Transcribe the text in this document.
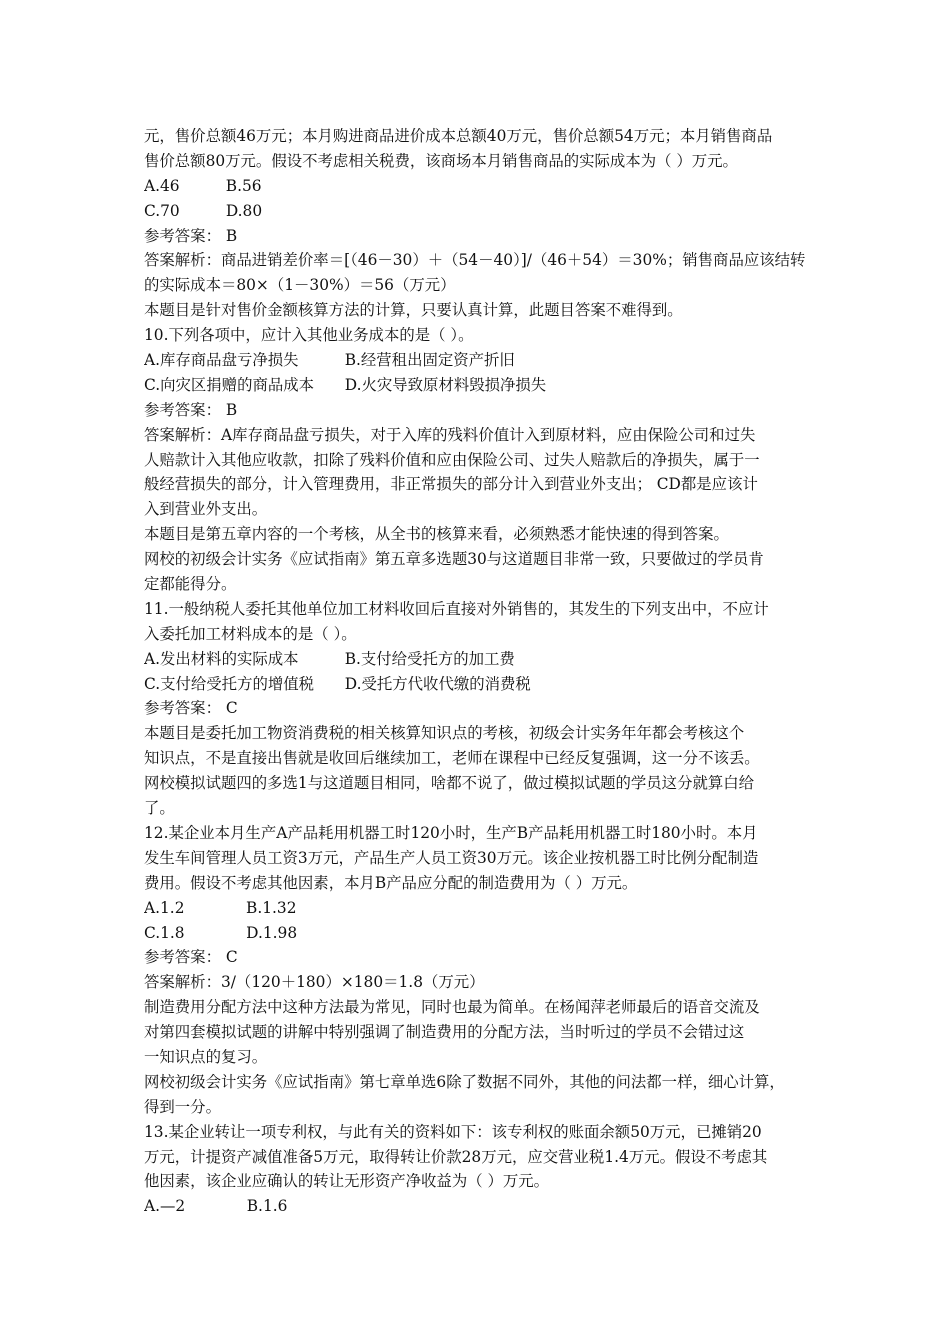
元，售价总额46万元；本月购进商品进价成本总额40万元，售价总额54万元；本月销售商品
售价总额80万元。假设不考虑相关税费，该商场本月销售商品的实际成本为（ ）万元。
A.46　　　B.56
C.70　　　D.80
参考答案： B
答案解析：商品进销差价率＝[（46－30）＋（54－40）]/（46＋54）＝30%；销售商品应该结转
的实际成本＝80×（1－30%）＝56（万元）
本题目是针对售价金额核算方法的计算，只要认真计算，此题目答案不难得到。
10.下列各项中，应计入其他业务成本的是（ ）。
A.库存商品盘亏净损失　　　B.经营租出固定资产折旧
C.向灾区捐赠的商品成本　　D.火灾导致原材料毁损净损失
参考答案： B
答案解析：A库存商品盘亏损失，对于入库的残料价值计入到原材料，应由保险公司和过失
人赔款计入其他应收款，扣除了残料价值和应由保险公司、过失人赔款后的净损失，属于一
般经营损失的部分，计入管理费用，非正常损失的部分计入到营业外支出； CD都是应该计
入到营业外支出。
本题目是第五章内容的一个考核，从全书的核算来看，必须熟悉才能快速的得到答案。
网校的初级会计实务《应试指南》第五章多选题30与这道题目非常一致，只要做过的学员肯
定都能得分。
11.一般纳税人委托其他单位加工材料收回后直接对外销售的，其发生的下列支出中，不应计
入委托加工材料成本的是（ ）。
A.发出材料的实际成本　　　B.支付给受托方的加工费
C.支付给受托方的增值税　　D.受托方代收代缴的消费税
参考答案： C
本题目是委托加工物资消费税的相关核算知识点的考核，初级会计实务年年都会考核这个
知识点，不是直接出售就是收回后继续加工，老师在课程中已经反复强调，这一分不该丢。
网校模拟试题四的多选1与这道题目相同，啥都不说了，做过模拟试题的学员这分就算白给
了。
12.某企业本月生产A产品耗用机器工时120小时，生产B产品耗用机器工时180小时。本月
发生车间管理人员工资3万元，产品生产人员工资30万元。该企业按机器工时比例分配制造
费用。假设不考虑其他因素，本月B产品应分配的制造费用为（ ）万元。
A.1.2　　　　B.1.32
C.1.8　　　　D.1.98
参考答案： C
答案解析：3/（120＋180）×180＝1.8（万元）
制造费用分配方法中这种方法最为常见，同时也最为简单。在杨闻萍老师最后的语音交流及
对第四套模拟试题的讲解中特别强调了制造费用的分配方法，当时听过的学员不会错过这
一知识点的复习。
网校初级会计实务《应试指南》第七章单选6除了数据不同外，其他的问法都一样，细心计算，
得到一分。
13.某企业转让一项专利权，与此有关的资料如下：该专利权的账面余额50万元，已摊销20
万元，计提资产减值准备5万元，取得转让价款28万元，应交营业税1.4万元。假设不考虑其
他因素，该企业应确认的转让无形资产净收益为（ ）万元。
A.—2　　　　B.1.6
